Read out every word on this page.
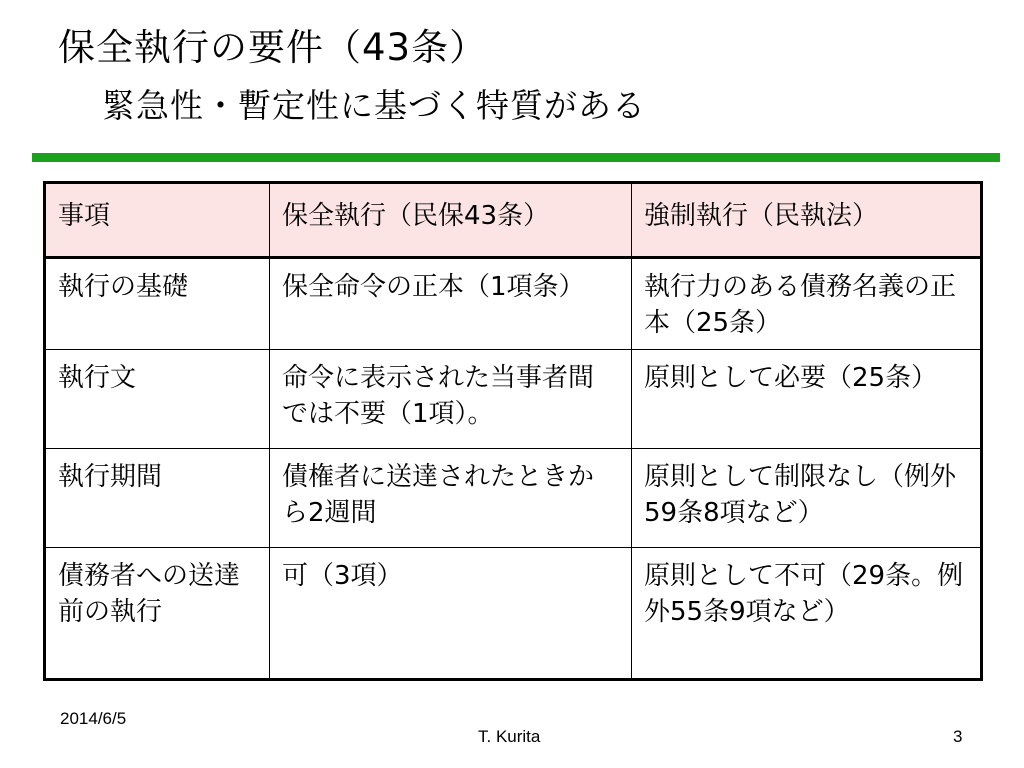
保全執行の要件（43条）
緊急性・暫定性に基づく特質がある
事項	保全執行（民保43条）	強制執行（民執法）
執行の基礎	保全命令の正本（1項条）	執行力のある債務名義の正本（25条）
執行文	命令に表示された当事者間では不要（1項）。	原則として必要（25条）
執行期間	債権者に送達されたときから2週間	原則として制限なし（例外59条8項など）
債務者への送達前の執行	可（3項）	原則として不可（29条。例外55条9項など）
2014/6/5
T. Kurita	3
